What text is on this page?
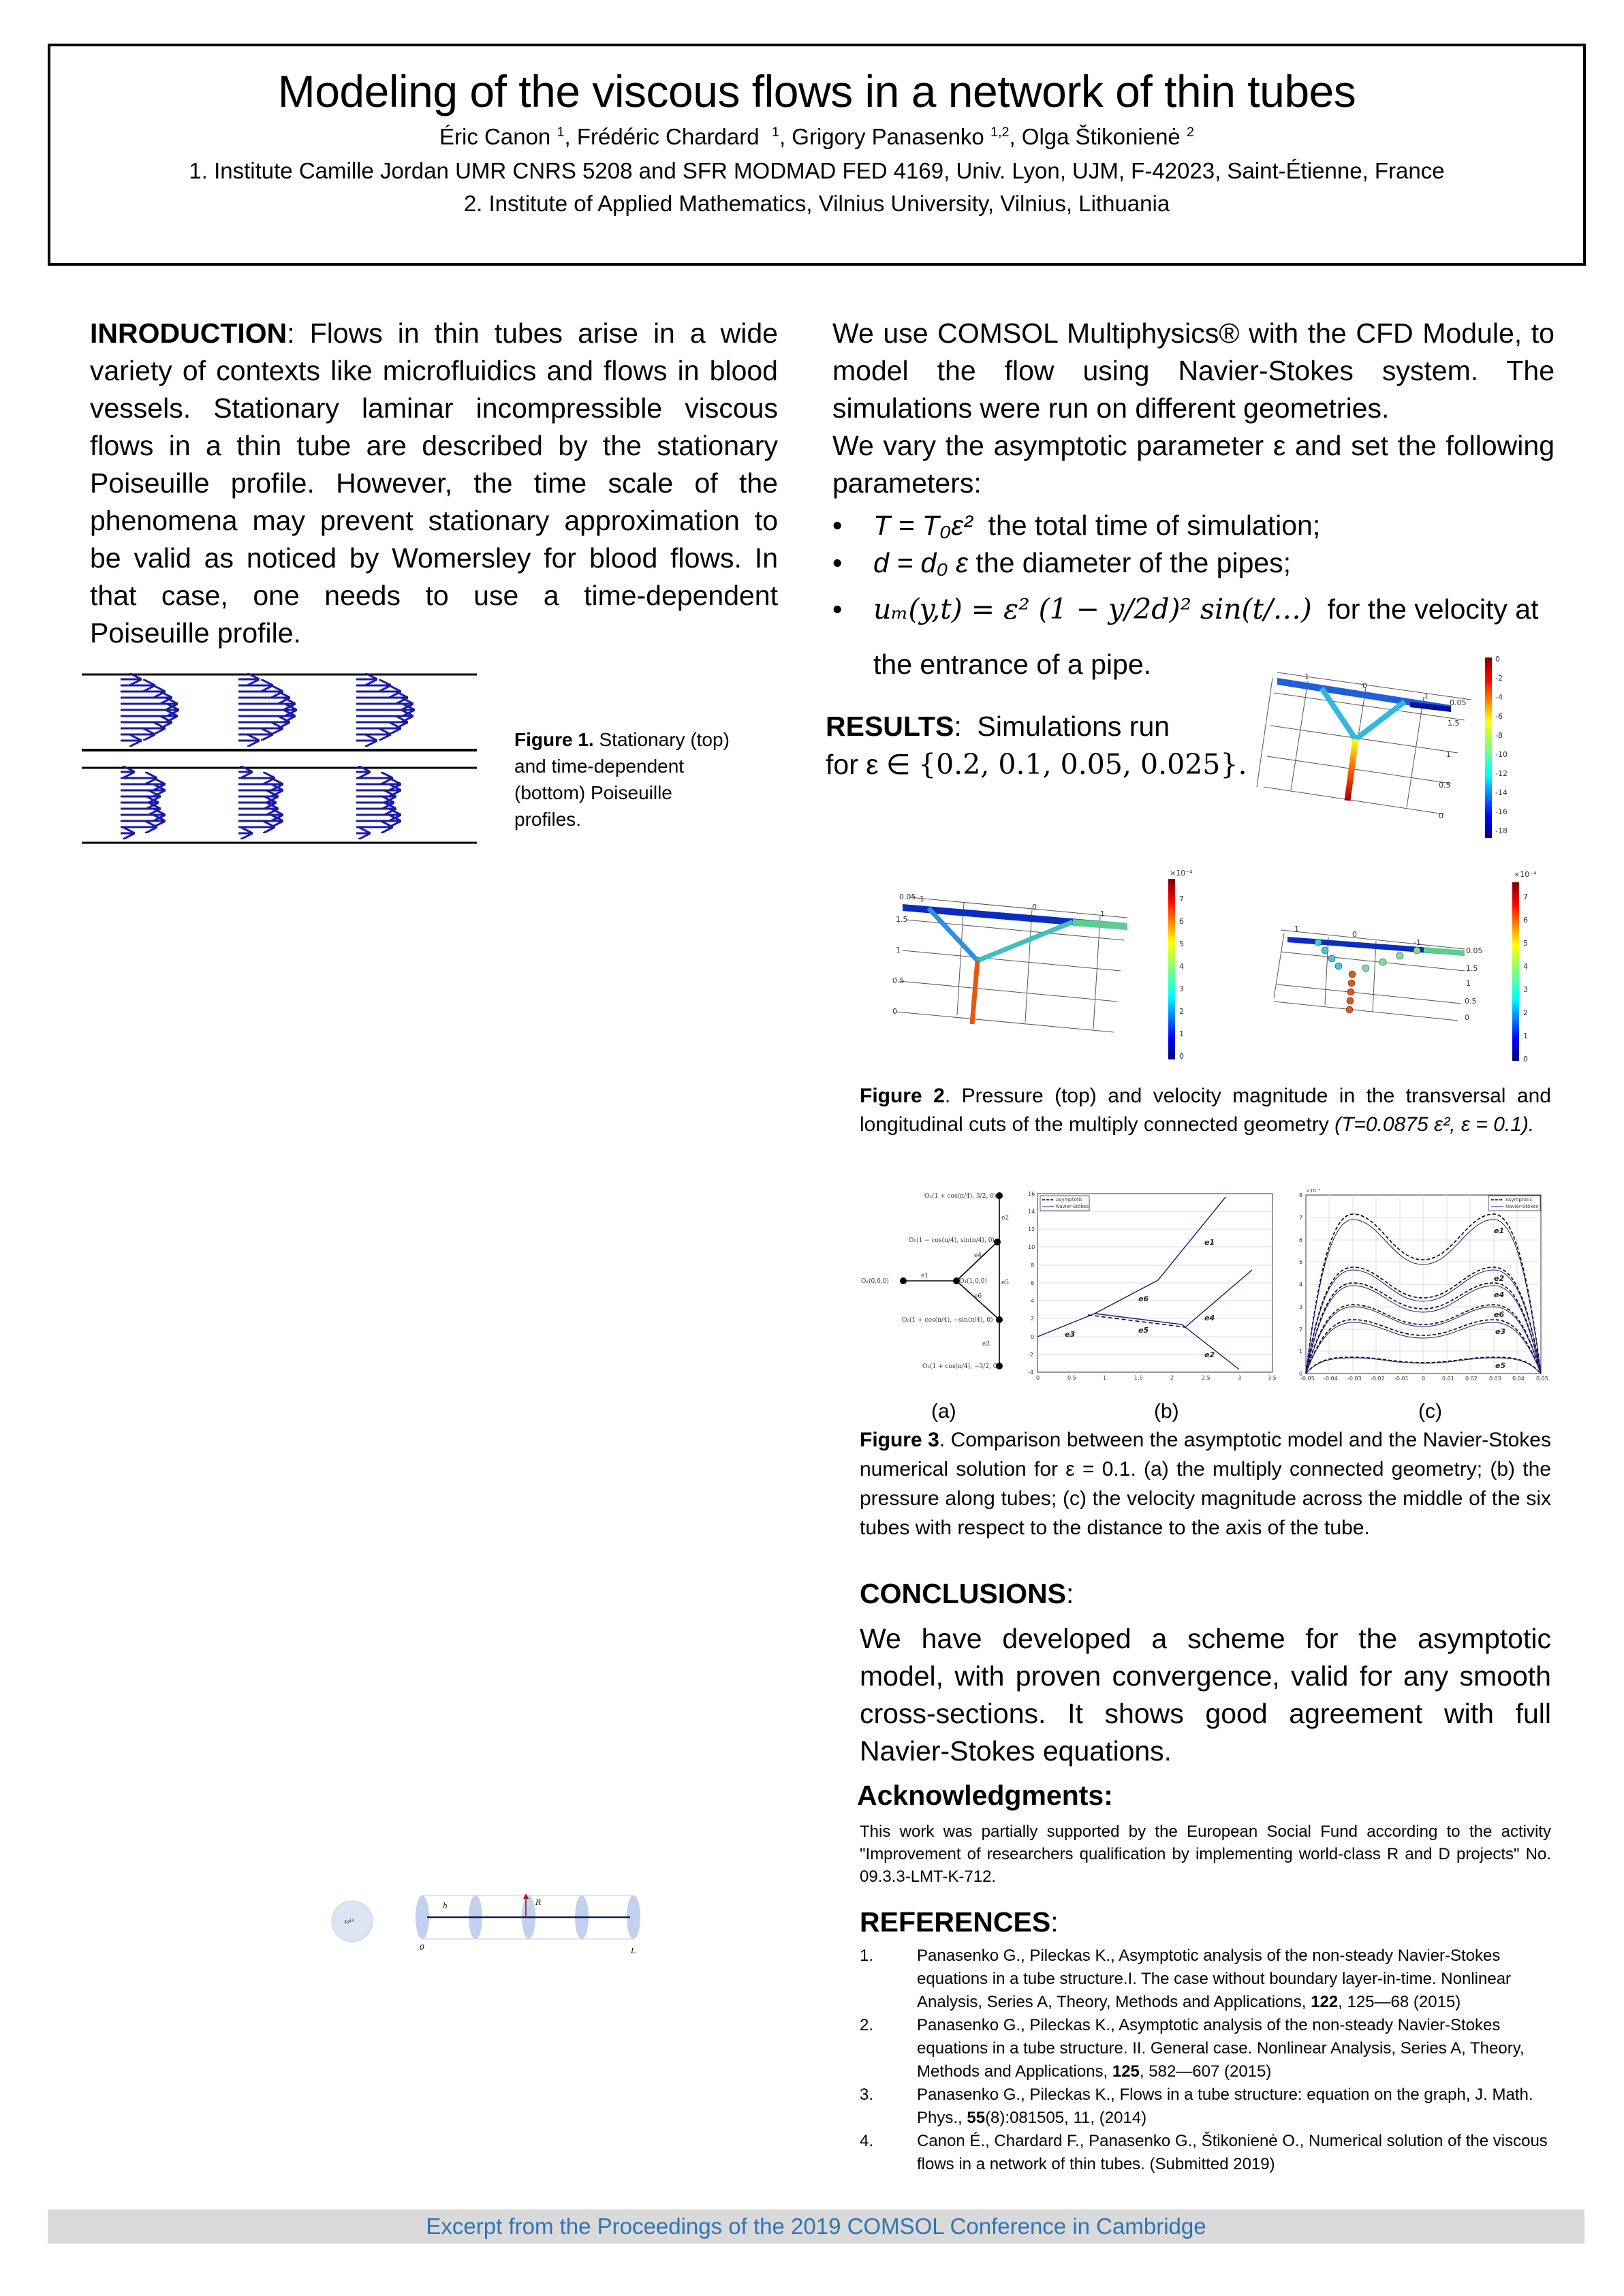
Modeling of the viscous flows in a network of thin tubes
Éric Canon $^1$, Frédéric Chardard $^1$, Grigory Panasenko $^{1,2}$, Olga Štikonienė $^2$
1. Institute Camille Jordan UMR CNRS 5208 and SFR MODMAD FED 4169, Univ. Lyon, UJM, F-42023, Saint-Étienne, France
2. Institute of Applied Mathematics, Vilnius University, Vilnius, Lithuania
INRODUCTION: Flows in thin tubes arise in a wide variety of contexts like microfluidics and flows in blood vessels. Stationary laminar incompressible viscous flows in a thin tube are described by the stationary Poiseuille profile. However, the time scale of the phenomena may prevent stationary approximation to be valid as noticed by Womersley for blood flows. In that case, one needs to use a time-dependent Poiseuille profile.
Figure 1. Stationary (top) and time-dependent (bottom) Poiseuille profiles.
We use COMSOL Multiphysics® with the CFD Module, to model the flow using Navier-Stokes system. The simulations were run on different geometries.
We vary the asymptotic parameter ε and set the following parameters:
•	T = T₀ε² the total time of simulation;
•	d = d₀ ε the diameter of the pipes;
•	uₘ(y,t) = ε² (1 − y/2d)² sin(t/…) for the velocity at
the entrance of a pipe.
RESULTS:  Simulations run
for ε ∈ {0.2, 0.1, 0.05, 0.025}.
0
-2
-4
-6
-8
-10
-12
-14
-16
-18
1
0
1
0.05
1.5
1
0.5
0
×10⁻⁴
7
6
5
4
3
2
1
0
0.05
1.5
1
0.5
0
1
0
1
×10⁻⁴
7
6
5
4
3
2
1
0
1
0
-1
0.05
1.5
1
0.5
0
Figure 2. Pressure (top) and velocity magnitude in the transversal and longitudinal cuts of the multiply connected geometry (T=0.0875 ε², ε = 0.1).
O₂(1 + cos(π/4), 3/2, 0)
O₅(1 − cos(π/4), sin(π/4), 0)
O₁(0,0,0)	O₄(1,0,0)
O₆(1 + cos(π/4), −sin(π/4), 0)
O₃(1 + cos(π/4), −3/2, 0)
e1
e2
e3
e4
e5
e6
Asymptotic
Navier-Stokes
-4
-2
0
2
4
6
8
10
12
14
16
0	0.5	1	1.5	2	2.5	3	3.5
e1
e2
e3
e4
e5
e6
Asymptotic
Navier-Stokes
×10⁻⁴
0
1
2
3
4
5
6
7
8
-0.05 -0.04 -0.03 -0.02 -0.01 0	0.01 0.02 0.03 0.04 0.05
e1
e2
e4
e6
e3
e5
(a)	(b)	(c)
Figure 3. Comparison between the asymptotic model and the Navier-Stokes numerical solution for ε = 0.1. (a) the multiply connected geometry; (b) the pressure along tubes; (c) the velocity magnitude across the middle of the six tubes with respect to the distance to the axis of the tube.
CONCLUSIONS:
We have developed a scheme for the asymptotic model, with proven convergence, valid for any smooth cross-sections. It shows good agreement with full Navier-Stokes equations.
Acknowledgments:
This work was partially supported by the European Social Fund according to the activity "Improvement of researchers qualification by implementing world-class R and D projects" No. 09.3.3-LMT-K-712.
ω⁽ʲ⁾
h	R
0	L
REFERENCES:
1.	Panasenko G., Pileckas K., Asymptotic analysis of the non-steady Navier-Stokes equations in a tube structure.I. The case without boundary layer-in-time. Nonlinear Analysis, Series A, Theory, Methods and Applications, 122, 125—68 (2015)
2.	Panasenko G., Pileckas K., Asymptotic analysis of the non-steady Navier-Stokes equations in a tube structure. II. General case. Nonlinear Analysis, Series A, Theory, Methods and Applications, 125, 582—607 (2015)
3.	Panasenko G., Pileckas K., Flows in a tube structure: equation on the graph, J. Math. Phys., 55(8):081505, 11, (2014)
4.	Canon É., Chardard F., Panasenko G., Štikonienė O., Numerical solution of the viscous flows in a network of thin tubes. (Submitted 2019)
Excerpt from the Proceedings of the 2019 COMSOL Conference in Cambridge
